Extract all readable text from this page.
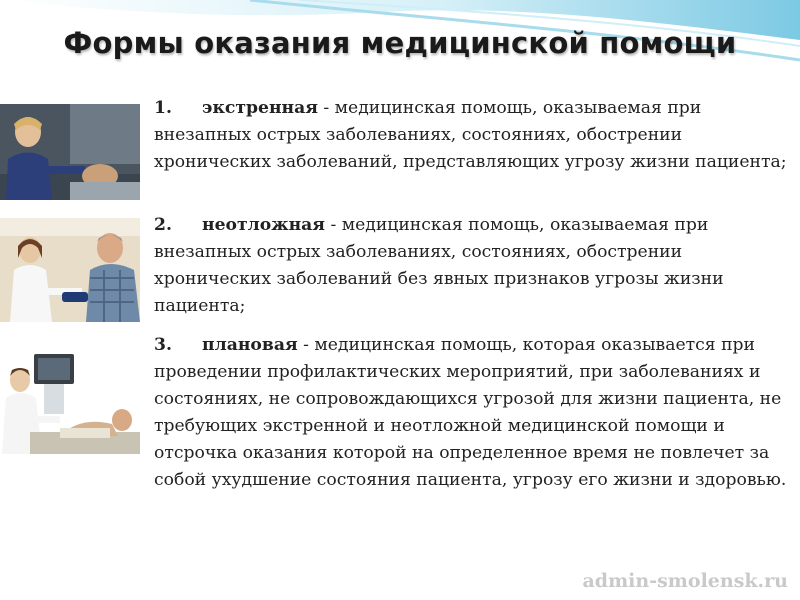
Формы оказания медицинской помощи
1. экстренная - медицинская помощь, оказываемая при внезапных острых заболеваниях, состояниях, обострении хронических заболеваний, представляющих угрозу жизни пациента;
2. неотложная - медицинская помощь, оказываемая при внезапных острых заболеваниях, состояниях, обострении хронических заболеваний без явных признаков угрозы жизни пациента;
3. плановая - медицинская помощь, которая оказывается при проведении профилактических мероприятий, при заболеваниях и состояниях, не сопровождающихся угрозой для жизни пациента, не требующих экстренной и неотложной медицинской помощи и отсрочка оказания которой на определенное время не повлечет за собой ухудшение состояния пациента, угрозу его жизни и здоровью.
admin-smolensk.ru
